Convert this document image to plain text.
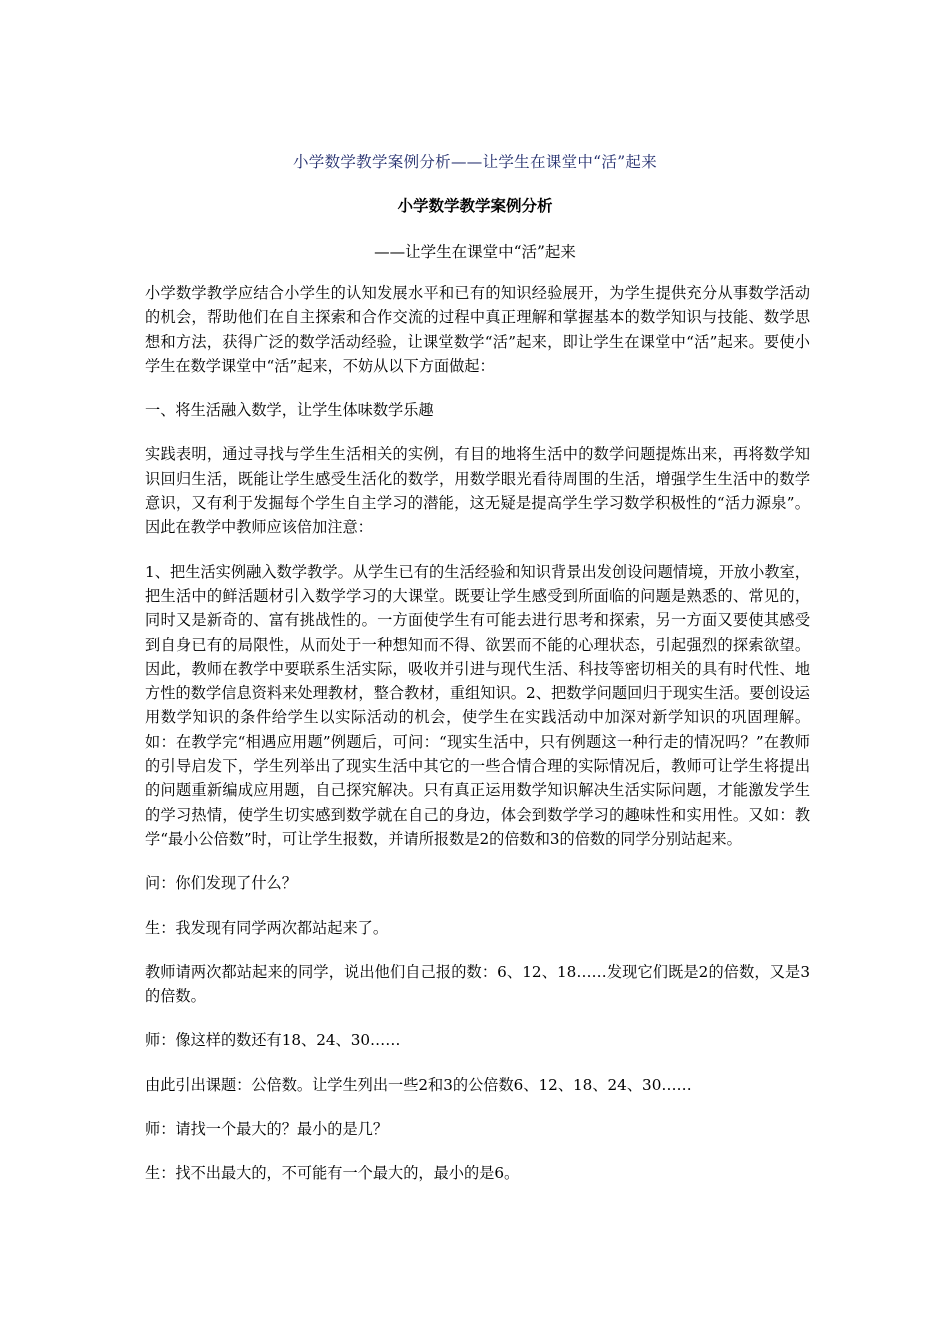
小学数学教学案例分析——让学生在课堂中“活”起来
小学数学教学案例分析
——让学生在课堂中“活”起来

小学数学教学应结合小学生的认知发展水平和已有的知识经验展开，为学生提供充分从事数学活动的机会，帮助他们在自主探索和合作交流的过程中真正理解和掌握基本的数学知识与技能、数学思想和方法，获得广泛的数学活动经验，让课堂数学“活”起来，即让学生在课堂中“活”起来。要使小学生在数学课堂中“活”起来，不妨从以下方面做起：

一、将生活融入数学，让学生体味数学乐趣

实践表明，通过寻找与学生生活相关的实例，有目的地将生活中的数学问题提炼出来，再将数学知识回归生活，既能让学生感受生活化的数学，用数学眼光看待周围的生活，增强学生生活中的数学意识，又有利于发掘每个学生自主学习的潜能，这无疑是提高学生学习数学积极性的“活力源泉”。因此在教学中教师应该倍加注意：

1、把生活实例融入数学教学。从学生已有的生活经验和知识背景出发创设问题情境，开放小教室，把生活中的鲜活题材引入数学学习的大课堂。既要让学生感受到所面临的问题是熟悉的、常见的，同时又是新奇的、富有挑战性的。一方面使学生有可能去进行思考和探索，另一方面又要使其感受到自身已有的局限性，从而处于一种想知而不得、欲罢而不能的心理状态，引起强烈的探索欲望。因此，教师在教学中要联系生活实际，吸收并引进与现代生活、科技等密切相关的具有时代性、地方性的数学信息资料来处理教材，整合教材，重组知识。2、把数学问题回归于现实生活。要创设运用数学知识的条件给学生以实际活动的机会，使学生在实践活动中加深对新学知识的巩固理解。如：在教学完“相遇应用题”例题后，可问：“现实生活中，只有例题这一种行走的情况吗？”在教师的引导启发下，学生列举出了现实生活中其它的一些合情合理的实际情况后，教师可让学生将提出的问题重新编成应用题，自己探究解决。只有真正运用数学知识解决生活实际问题，才能激发学生的学习热情，使学生切实感到数学就在自己的身边，体会到数学学习的趣味性和实用性。又如：教学“最小公倍数”时，可让学生报数，并请所报数是2的倍数和3的倍数的同学分别站起来。

问：你们发现了什么？

生：我发现有同学两次都站起来了。

教师请两次都站起来的同学，说出他们自己报的数：6、12、18……发现它们既是2的倍数，又是3的倍数。

师：像这样的数还有18、24、30……

由此引出课题：公倍数。让学生列出一些2和3的公倍数6、12、18、24、30……

师：请找一个最大的？最小的是几？

生：找不出最大的，不可能有一个最大的，最小的是6。
